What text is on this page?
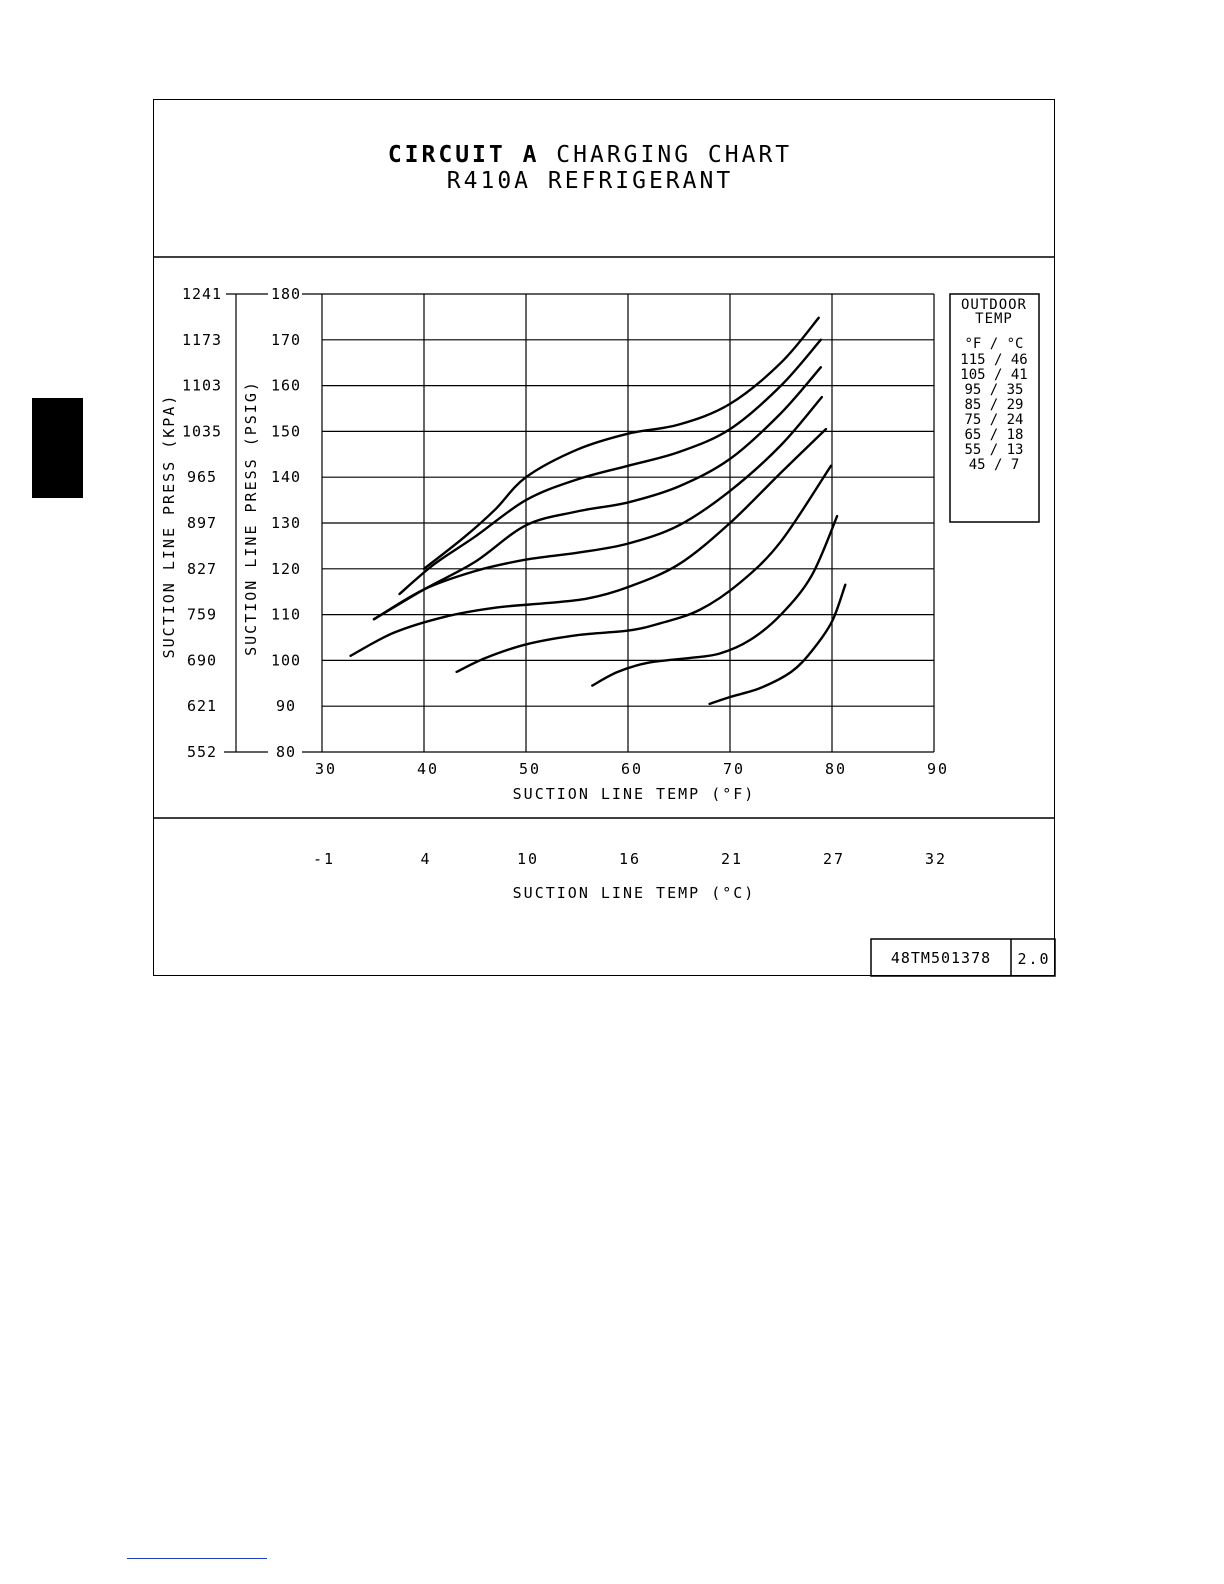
CIRCUIT A CHARGING CHART
R410A REFRIGERANT
48TM501378 2.0
30
-1
40
4
50
10
60
16
70
21
80
27
90
32
80
552
90
621
100
690
110
759
120
827
130
897
140
965
150
1035
160
1103
170
1173
180
1241
SUCTION LINE TEMP (°F)
SUCTION LINE TEMP (°C)
SUCTION LINE PRESS (PSIG)
SUCTION LINE PRESS (KPA)
OUTDOOR
TEMP
°F / °C
115 / 46
105 / 41
95 / 35
85 / 29
75 / 24
65 / 18
55 / 13
45 / 7
